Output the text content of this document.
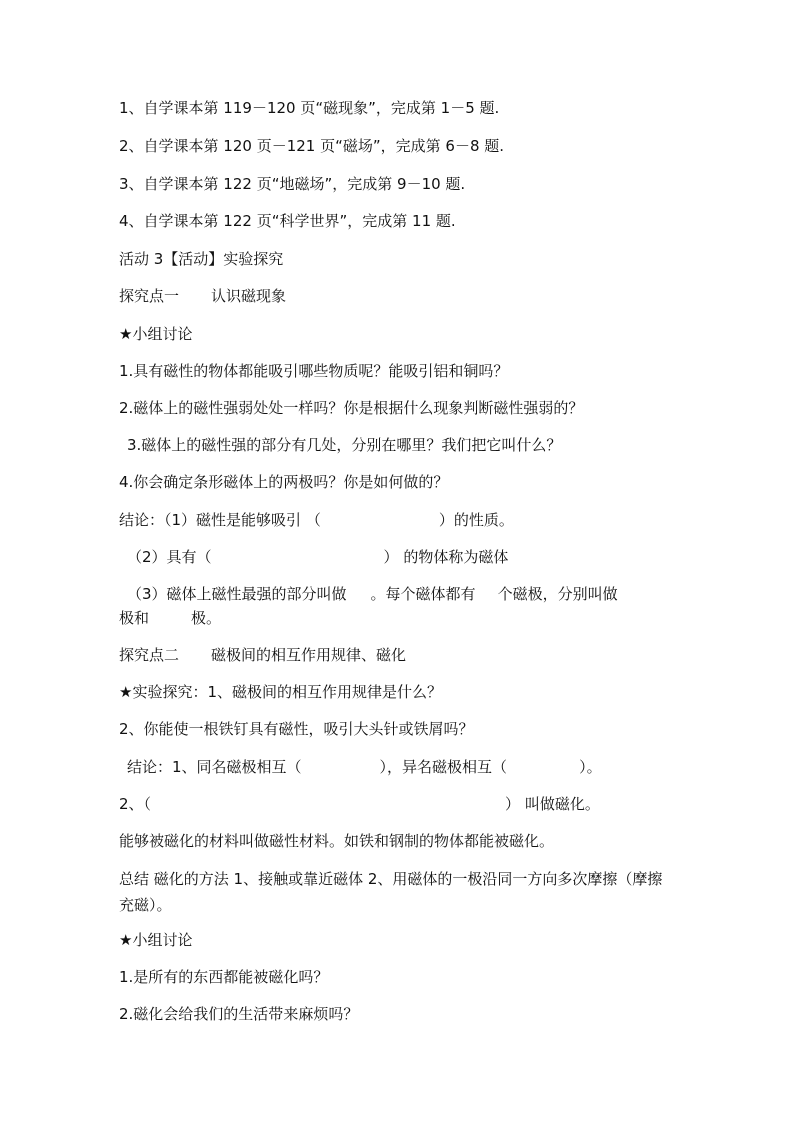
1、自学课本第 119－120 页“磁现象”，完成第 1－5 题.
2、自学课本第 120 页－121 页“磁场”，完成第 6－8 题.
3、自学课本第 122 页“地磁场”，完成第 9－10 题.
4、自学课本第 122 页“科学世界”，完成第 11 题.
活动 3【活动】实验探究
探究点一 认识磁现象
★小组讨论
1.具有磁性的物体都能吸引哪些物质呢？能吸引铝和铜吗？
2.磁体上的磁性强弱处处一样吗？你是根据什么现象判断磁性强弱的？
3.磁体上的磁性强的部分有几处，分别在哪里？我们把它叫什么？
4.你会确定条形磁体上的两极吗？你是如何做的？
结论：（1）磁性是能够吸引 （	）的性质。
（2）具有（	） 的物体称为磁体
（3）磁体上磁性最强的部分叫做 。每个磁体都有 个磁极，分别叫做
极和	极。
探究点二 磁极间的相互作用规律、磁化
★实验探究：1、磁极间的相互作用规律是什么？
2、你能使一根铁钉具有磁性，吸引大头针或铁屑吗？
结论：1、同名磁极相互（	），异名磁极相互（	）。
2、（	） 叫做磁化。
能够被磁化的材料叫做磁性材料。如铁和钢制的物体都能被磁化。
总结 磁化的方法 1、接触或靠近磁体 2、用磁体的一极沿同一方向多次摩擦（摩擦充磁）。
★小组讨论
1.是所有的东西都能被磁化吗？
2.磁化会给我们的生活带来麻烦吗？
